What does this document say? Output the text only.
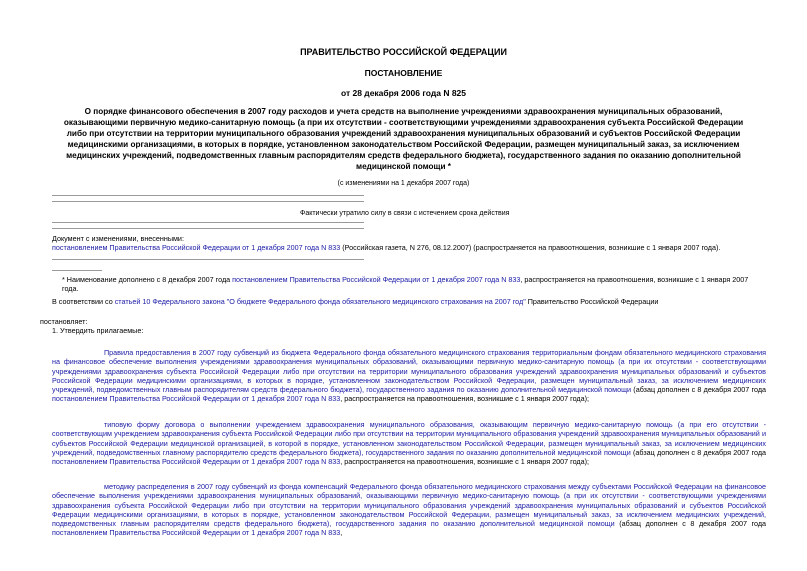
ПРАВИТЕЛЬСТВО РОССИЙСКОЙ ФЕДЕРАЦИИ
ПОСТАНОВЛЕНИЕ
от 28 декабря 2006 года N 825
О порядке финансового обеспечения в 2007 году расходов и учета средств на выполнение учреждениями здравоохранения муниципальных образований, оказывающими первичную медико-санитарную помощь (а при их отсутствии - соответствующими учреждениями здравоохранения субъекта Российской Федерации либо при отсутствии на территории муниципального образования учреждений здравоохранения муниципальных образований и субъектов Российской Федерации медицинскими организациями, в которых в порядке, установленном законодательством Российской Федерации, размещен муниципальный заказ, за исключением медицинских учреждений, подведомственных главным распорядителям средств федерального бюджета), государственного задания по оказанию дополнительной медицинской помощи *
(с изменениями на 1 декабря 2007 года)
Фактически утратило силу в связи с истечением срока действия
Документ с изменениями, внесенными:
постановлением Правительства Российской Федерации от 1 декабря 2007 года N 833 (Российская газета, N 276, 08.12.2007) (распространяется на правоотношения, возникшие с 1 января 2007 года).
* Наименование дополнено с 8 декабря 2007 года постановлением Правительства Российской Федерации от 1 декабря 2007 года N 833, распространяется на правоотношения, возникшие с 1 января 2007 года.
В соответствии со статьей 10 Федерального закона "О бюджете Федерального фонда обязательного медицинского страхования на 2007 год" Правительство Российской Федерации
постановляет:
1. Утвердить прилагаемые:
Правила предоставления в 2007 году субвенций из бюджета Федерального фонда обязательного медицинского страхования территориальным фондам обязательного медицинского страхования на финансовое обеспечение выполнения учреждениями здравоохранения муниципальных образований, оказывающими первичную медико-санитарную помощь (а при их отсутствии - соответствующими учреждениями здравоохранения субъекта Российской Федерации либо при отсутствии на территории муниципального образования учреждений здравоохранения муниципальных образований и субъектов Российской Федерации медицинскими организациями, в которых в порядке, установленном законодательством Российской Федерации, размещен муниципальный заказ, за исключением медицинских учреждений, подведомственных главным распорядителям средств федерального бюджета), государственного задания по оказанию дополнительной медицинской помощи (абзац дополнен с 8 декабря 2007 года постановлением Правительства Российской Федерации от 1 декабря 2007 года N 833, распространяется на правоотношения, возникшие с 1 января 2007 года);
типовую форму договора о выполнении учреждением здравоохранения муниципального образования, оказывающим первичную медико-санитарную помощь (а при его отсутствии - соответствующим учреждением здравоохранения субъекта Российской Федерации либо при отсутствии на территории муниципального образования учреждений здравоохранения муниципальных образований и субъектов Российской Федерации медицинской организацией, в которой в порядке, установленном законодательством Российской Федерации, размещен муниципальный заказ, за исключением медицинских учреждений, подведомственных главному распорядителю средств федерального бюджета), государственного задания по оказанию дополнительной медицинской помощи (абзац дополнен с 8 декабря 2007 года постановлением Правительства Российской Федерации от 1 декабря 2007 года N 833, распространяется на правоотношения, возникшие с 1 января 2007 года);
методику распределения в 2007 году субвенций из фонда компенсаций Федерального фонда обязательного медицинского страхования между субъектами Российской Федерации на финансовое обеспечение выполнения учреждениями здравоохранения муниципальных образований, оказывающими первичную медико-санитарную помощь (а при их отсутствии - соответствующими учреждениями здравоохранения субъекта Российской Федерации либо при отсутствии на территории муниципального образования учреждений здравоохранения муниципальных образований и субъектов Российской Федерации медицинскими организациями, в которых в порядке, установленном законодательством Российской Федерации, размещен муниципальный заказ, за исключением медицинских учреждений, подведомственных главным распорядителям средств федерального бюджета), государственного задания по оказанию дополнительной медицинской помощи (абзац дополнен с 8 декабря 2007 года постановлением Правительства Российской Федерации от 1 декабря 2007 года N 833,
